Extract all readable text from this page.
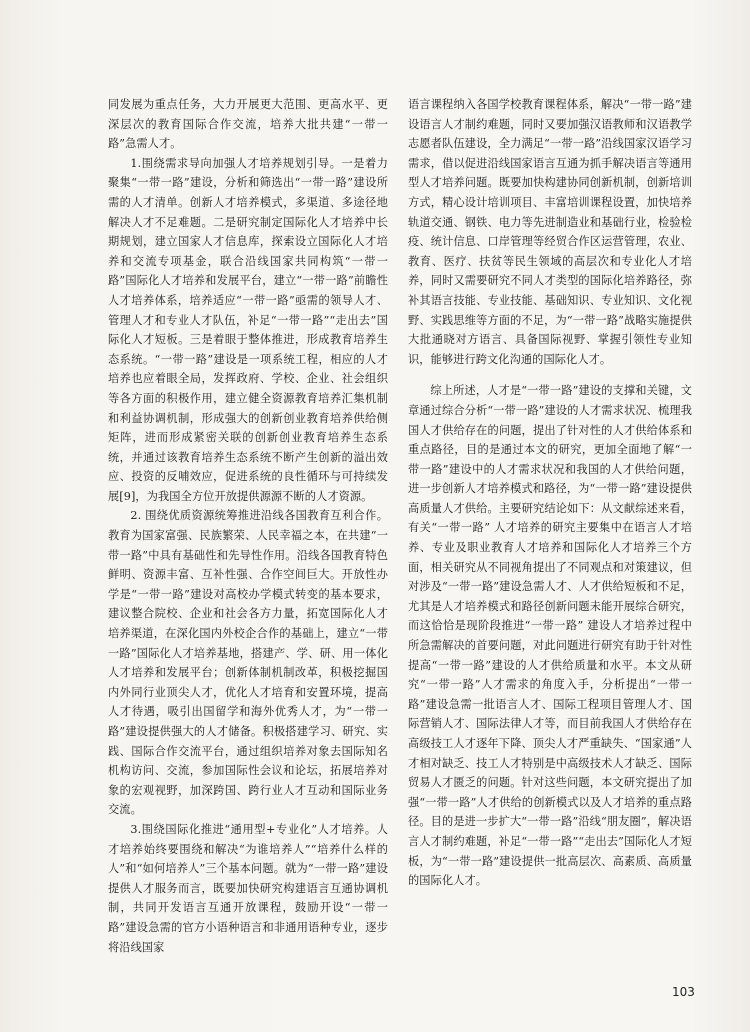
同发展为重点任务，大力开展更大范围、更高水平、更深层次的教育国际合作交流，培养大批共建“一带一路”急需人才。

1.围绕需求导向加强人才培养规划引导。一是着力聚集“一带一路”建设，分析和筛选出“一带一路”建设所需的人才清单。创新人才培养模式，多渠道、多途径地解决人才不足难题。二是研究制定国际化人才培养中长期规划，建立国家人才信息库，探索设立国际化人才培养和交流专项基金，联合沿线国家共同构筑“一带一路”国际化人才培养和发展平台，建立“一带一路”前瞻性人才培养体系，培养适应“一带一路”亟需的领导人才、管理人才和专业人才队伍，补足“一带一路”“走出去”国际化人才短板。三是着眼于整体推进，形成教育培养生态系统。“一带一路”建设是一项系统工程，相应的人才培养也应着眼全局，发挥政府、学校、企业、社会组织等各方面的积极作用，建立健全资源教育培养汇集机制和利益协调机制，形成强大的创新创业教育培养供给侧矩阵，进而形成紧密关联的创新创业教育培养生态系统，并通过该教育培养生态系统不断产生创新的溢出效应、投资的反哺效应，促进系统的良性循环与可持续发展[9]，为我国全方位开放提供源源不断的人才资源。

2. 围绕优质资源统筹推进沿线各国教育互利合作。教育为国家富强、民族繁荣、人民幸福之本，在共建“一带一路”中具有基础性和先导性作用。沿线各国教育特色鲜明、资源丰富、互补性强、合作空间巨大。开放性办学是“一带一路”建设对高校办学模式转变的基本要求，建议整合院校、企业和社会各方力量，拓宽国际化人才培养渠道，在深化国内外校企合作的基础上，建立“一带一路”国际化人才培养基地，搭建产、学、研、用一体化人才培养和发展平台；创新体制机制改革，积极挖掘国内外同行业顶尖人才，优化人才培育和安置环境，提高人才待遇，吸引出国留学和海外优秀人才，为“一带一路”建设提供强大的人才储备。积极搭建学习、研究、实践、国际合作交流平台，通过组织培养对象去国际知名机构访问、交流，参加国际性会议和论坛，拓展培养对象的宏观视野，加深跨国、跨行业人才互动和国际业务交流。

3.围绕国际化推进“通用型+专业化”人才培养。人才培养始终要围绕和解决“为谁培养人”“培养什么样的人”和“如何培养人”三个基本问题。就为“一带一路”建设提供人才服务而言，既要加快研究构建语言互通协调机制，共同开发语言互通开放课程，鼓励开设“一带一路”建设急需的官方小语种语言和非通用语种专业，逐步将沿线国家

语言课程纳入各国学校教育课程体系，解决“一带一路”建设语言人才制约难题，同时又要加强汉语教师和汉语教学志愿者队伍建设，全力满足“一带一路”沿线国家汉语学习需求，借以促进沿线国家语言互通为抓手解决语言等通用型人才培养问题。既要加快构建协同创新机制，创新培训方式，精心设计培训项目、丰富培训课程设置，加快培养轨道交通、钢铁、电力等先进制造业和基础行业，检验检疫、统计信息、口岸管理等经贸合作区运营管理，农业、教育、医疗、扶贫等民生领域的高层次和专业化人才培养，同时又需要研究不同人才类型的国际化培养路径，弥补其语言技能、专业技能、基础知识、专业知识、文化视野、实践思维等方面的不足，为“一带一路”战略实施提供大批通晓对方语言、具备国际视野、掌握引领性专业知识，能够进行跨文化沟通的国际化人才。

综上所述，人才是“一带一路”建设的支撑和关键，文章通过综合分析“一带一路”建设的人才需求状况、梳理我国人才供给存在的问题，提出了针对性的人才供给体系和重点路径，目的是通过本文的研究，更加全面地了解“一带一路”建设中的人才需求状况和我国的人才供给问题，进一步创新人才培养模式和路径，为“一带一路”建设提供高质量人才供给。主要研究结论如下：从文献综述来看，有关“一带一路” 人才培养的研究主要集中在语言人才培养、专业及职业教育人才培养和国际化人才培养三个方面，相关研究从不同视角提出了不同观点和对策建议，但对涉及“一带一路”建设急需人才、人才供给短板和不足，尤其是人才培养模式和路径创新问题未能开展综合研究，而这恰恰是现阶段推进“一带一路” 建设人才培养过程中所急需解决的首要问题，对此问题进行研究有助于针对性提高“一带一路”建设的人才供给质量和水平。本文从研究“一带一路”人才需求的角度入手，分析提出“一带一路”建设急需一批语言人才、国际工程项目管理人才、国际营销人才、国际法律人才等，而目前我国人才供给存在高级技工人才逐年下降、顶尖人才严重缺失、“国家通”人才相对缺乏、技工人才特别是中高级技术人才缺乏、国际贸易人才匮乏的问题。针对这些问题，本文研究提出了加强“一带一路”人才供给的创新模式以及人才培养的重点路径。目的是进一步扩大“一带一路”沿线“朋友圈”，解决语言人才制约难题，补足“一带一路”“走出去”国际化人才短板，为“一带一路”建设提供一批高层次、高素质、高质量的国际化人才。

103
